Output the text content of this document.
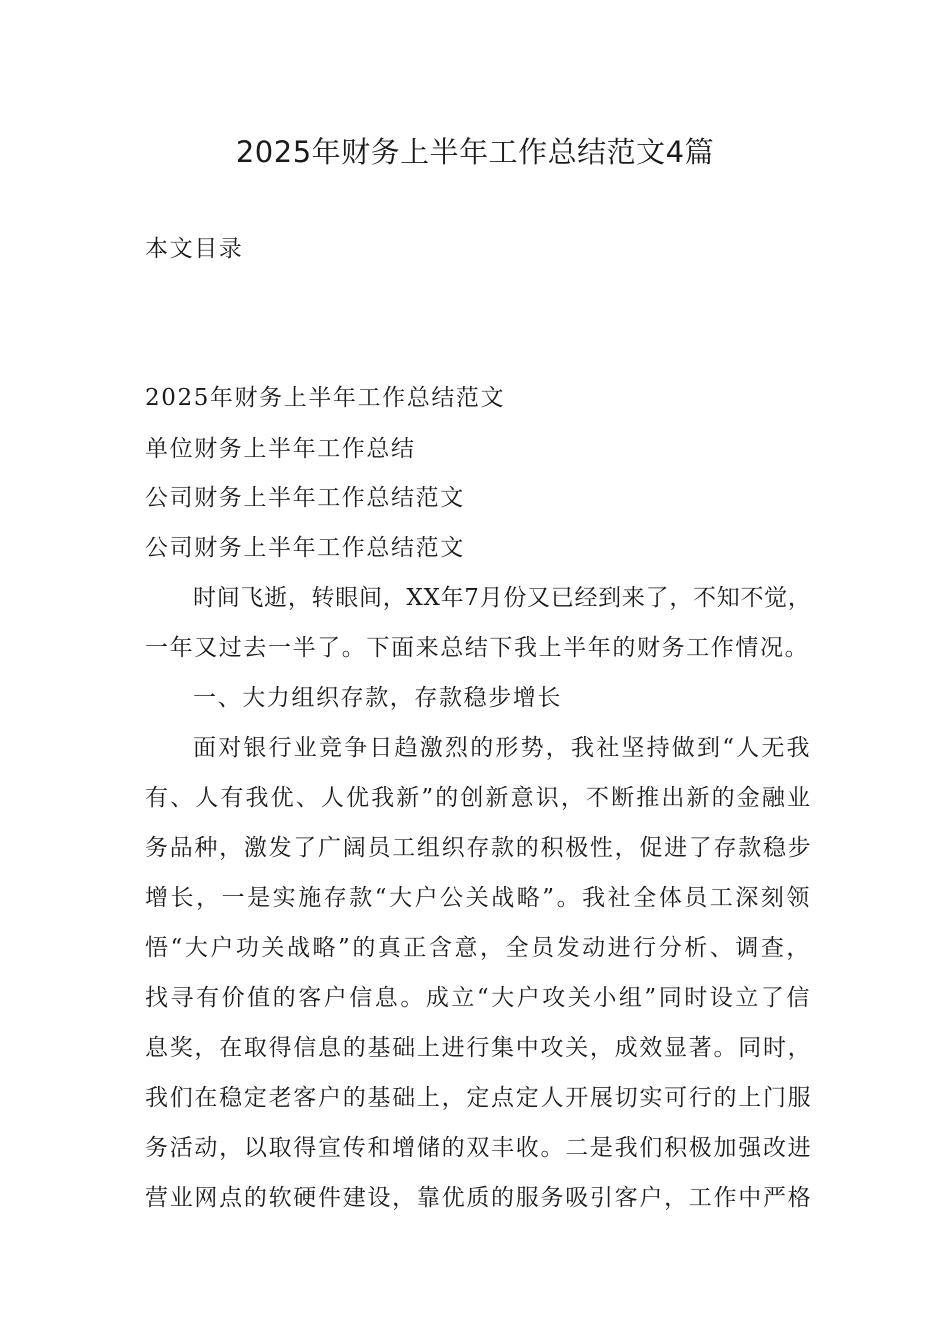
2025年财务上半年工作总结范文4篇
本文目录
2025年财务上半年工作总结范文
单位财务上半年工作总结
公司财务上半年工作总结范文
公司财务上半年工作总结范文
时间飞逝，转眼间，XX年7月份又已经到来了，不知不觉，
一年又过去一半了。下面来总结下我上半年的财务工作情况。
一、大力组织存款，存款稳步增长
面对银行业竞争日趋激烈的形势，我社坚持做到“人无我
有、人有我优、人优我新”的创新意识，不断推出新的金融业
务品种，激发了广阔员工组织存款的积极性，促进了存款稳步
增长，一是实施存款“大户公关战略”。我社全体员工深刻领
悟“大户功关战略”的真正含意，全员发动进行分析、调查，
找寻有价值的客户信息。成立“大户攻关小组”同时设立了信
息奖，在取得信息的基础上进行集中攻关，成效显著。同时，
我们在稳定老客户的基础上，定点定人开展切实可行的上门服
务活动，以取得宣传和增储的双丰收。二是我们积极加强改进
营业网点的软硬件建设，靠优质的服务吸引客户，工作中严格
